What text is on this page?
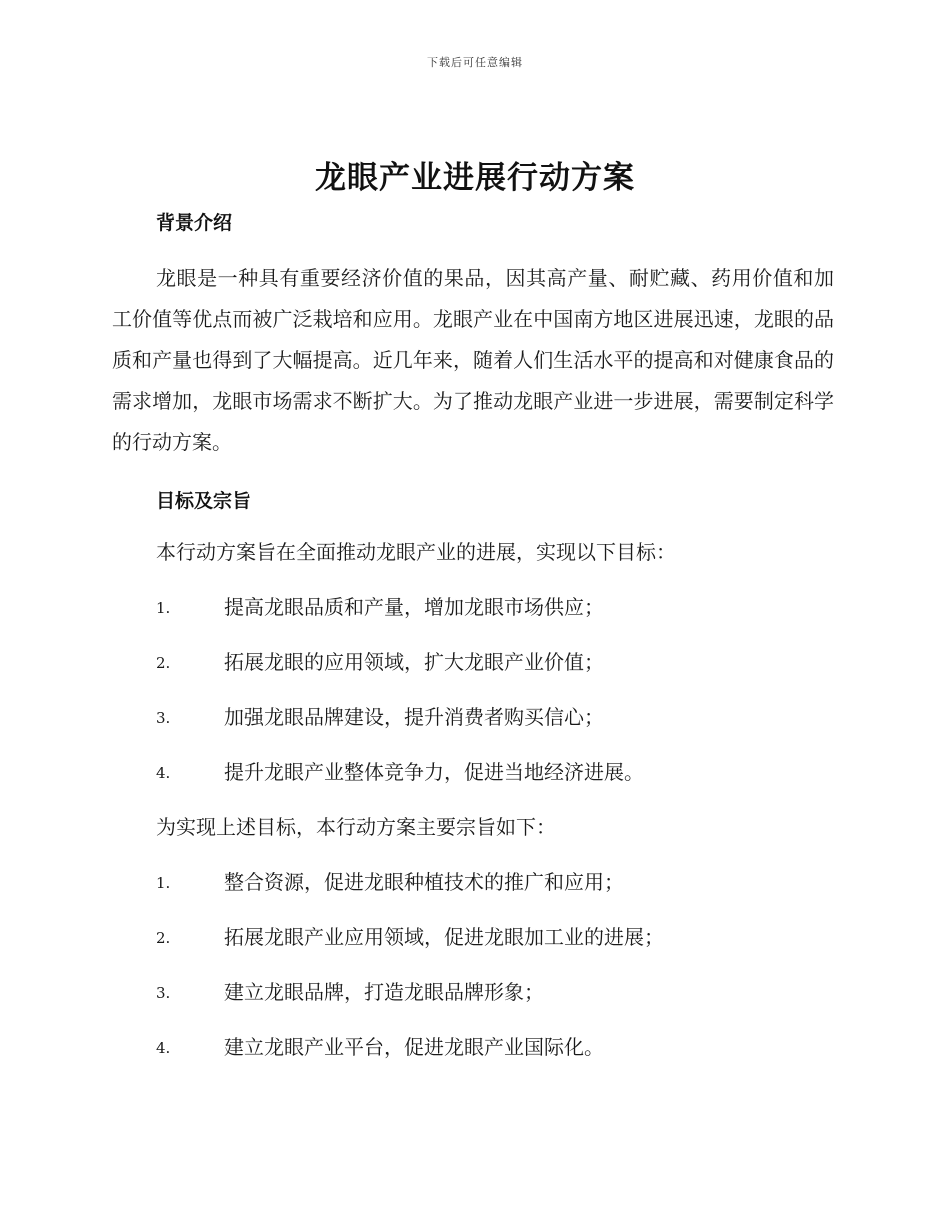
下载后可任意编辑
龙眼产业进展行动方案
背景介绍
龙眼是一种具有重要经济价值的果品，因其高产量、耐贮藏、药用价值和加工价值等优点而被广泛栽培和应用。龙眼产业在中国南方地区进展迅速，龙眼的品质和产量也得到了大幅提高。近几年来，随着人们生活水平的提高和对健康食品的需求增加，龙眼市场需求不断扩大。为了推动龙眼产业进一步进展，需要制定科学的行动方案。
目标及宗旨
本行动方案旨在全面推动龙眼产业的进展，实现以下目标：
1.	提高龙眼品质和产量，增加龙眼市场供应；
2.	拓展龙眼的应用领域，扩大龙眼产业价值；
3.	加强龙眼品牌建设，提升消费者购买信心；
4.	提升龙眼产业整体竞争力，促进当地经济进展。
为实现上述目标，本行动方案主要宗旨如下：
1.	整合资源，促进龙眼种植技术的推广和应用；
2.	拓展龙眼产业应用领域，促进龙眼加工业的进展；
3.	建立龙眼品牌，打造龙眼品牌形象；
4.	建立龙眼产业平台，促进龙眼产业国际化。
